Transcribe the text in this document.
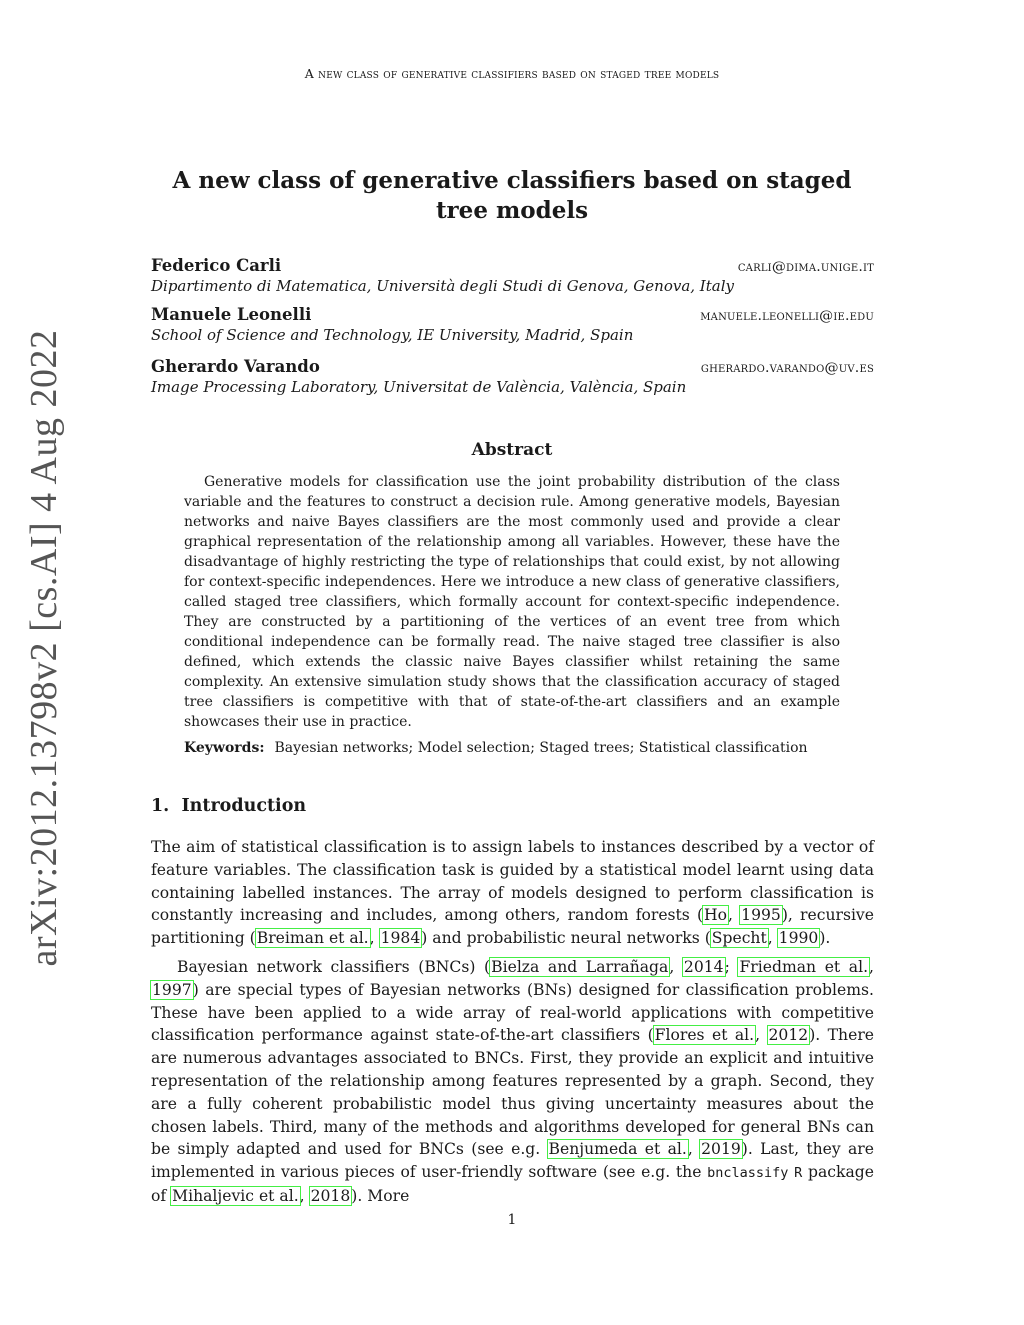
A new class of generative classifiers based on staged tree models
arXiv:2012.13798v2 [cs.AI] 4 Aug 2022
A new class of generative classifiers based on staged tree models
Federico Carli	carli@dima.unige.it
Dipartimento di Matematica, Università degli Studi di Genova, Genova, Italy
Manuele Leonelli	manuele.leonelli@ie.edu
School of Science and Technology, IE University, Madrid, Spain
Gherardo Varando	gherardo.varando@uv.es
Image Processing Laboratory, Universitat de València, València, Spain
Abstract
Generative models for classification use the joint probability distribution of the class variable and the features to construct a decision rule. Among generative models, Bayesian networks and naive Bayes classifiers are the most commonly used and provide a clear graphical representation of the relationship among all variables. However, these have the disadvantage of highly restricting the type of relationships that could exist, by not allowing for context-specific independences. Here we introduce a new class of generative classifiers, called staged tree classifiers, which formally account for context-specific independence. They are constructed by a partitioning of the vertices of an event tree from which conditional independence can be formally read. The naive staged tree classifier is also defined, which extends the classic naive Bayes classifier whilst retaining the same complexity. An extensive simulation study shows that the classification accuracy of staged tree classifiers is competitive with that of state-of-the-art classifiers and an example showcases their use in practice.
Keywords: Bayesian networks; Model selection; Staged trees; Statistical classification
1. Introduction
The aim of statistical classification is to assign labels to instances described by a vector of feature variables. The classification task is guided by a statistical model learnt using data containing labelled instances. The array of models designed to perform classification is constantly increasing and includes, among others, random forests (Ho, 1995), recursive partitioning (Breiman et al., 1984) and probabilistic neural networks (Specht, 1990).
Bayesian network classifiers (BNCs) (Bielza and Larrañaga, 2014; Friedman et al., 1997) are special types of Bayesian networks (BNs) designed for classification problems. These have been applied to a wide array of real-world applications with competitive classification performance against state-of-the-art classifiers (Flores et al., 2012). There are numerous advantages associated to BNCs. First, they provide an explicit and intuitive representation of the relationship among features represented by a graph. Second, they are a fully coherent probabilistic model thus giving uncertainty measures about the chosen labels. Third, many of the methods and algorithms developed for general BNs can be simply adapted and used for BNCs (see e.g. Benjumeda et al., 2019). Last, they are implemented in various pieces of user-friendly software (see e.g. the bnclassify R package of Mihaljevic et al., 2018). More
1
